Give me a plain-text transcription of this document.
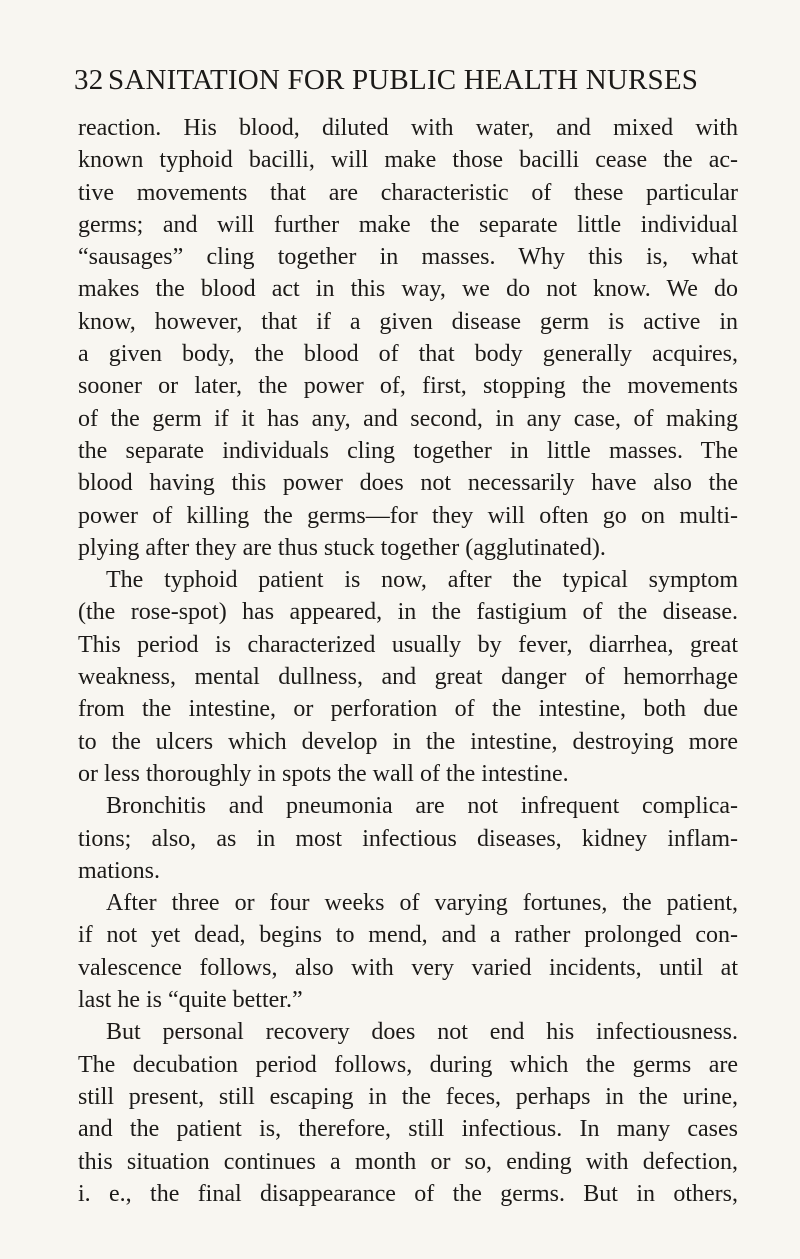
32 SANITATION FOR PUBLIC HEALTH NURSES
reaction. His blood, diluted with water, and mixed with
known typhoid bacilli, will make those bacilli cease the ac-
tive movements that are characteristic of these particular
germs; and will further make the separate little individual
“sausages” cling together in masses. Why this is, what
makes the blood act in this way, we do not know. We do
know, however, that if a given disease germ is active in
a given body, the blood of that body generally acquires,
sooner or later, the power of, first, stopping the movements
of the germ if it has any, and second, in any case, of making
the separate individuals cling together in little masses. The
blood having this power does not necessarily have also the
power of killing the germs—for they will often go on multi-
plying after they are thus stuck together (agglutinated).
The typhoid patient is now, after the typical symptom
(the rose-spot) has appeared, in the fastigium of the disease.
This period is characterized usually by fever, diarrhea, great
weakness, mental dullness, and great danger of hemorrhage
from the intestine, or perforation of the intestine, both due
to the ulcers which develop in the intestine, destroying more
or less thoroughly in spots the wall of the intestine.
Bronchitis and pneumonia are not infrequent complica-
tions; also, as in most infectious diseases, kidney inflam-
mations.
After three or four weeks of varying fortunes, the patient,
if not yet dead, begins to mend, and a rather prolonged con-
valescence follows, also with very varied incidents, until at
last he is “quite better.”
But personal recovery does not end his infectiousness.
The decubation period follows, during which the germs are
still present, still escaping in the feces, perhaps in the urine,
and the patient is, therefore, still infectious. In many cases
this situation continues a month or so, ending with defection,
i. e., the final disappearance of the germs. But in others,
